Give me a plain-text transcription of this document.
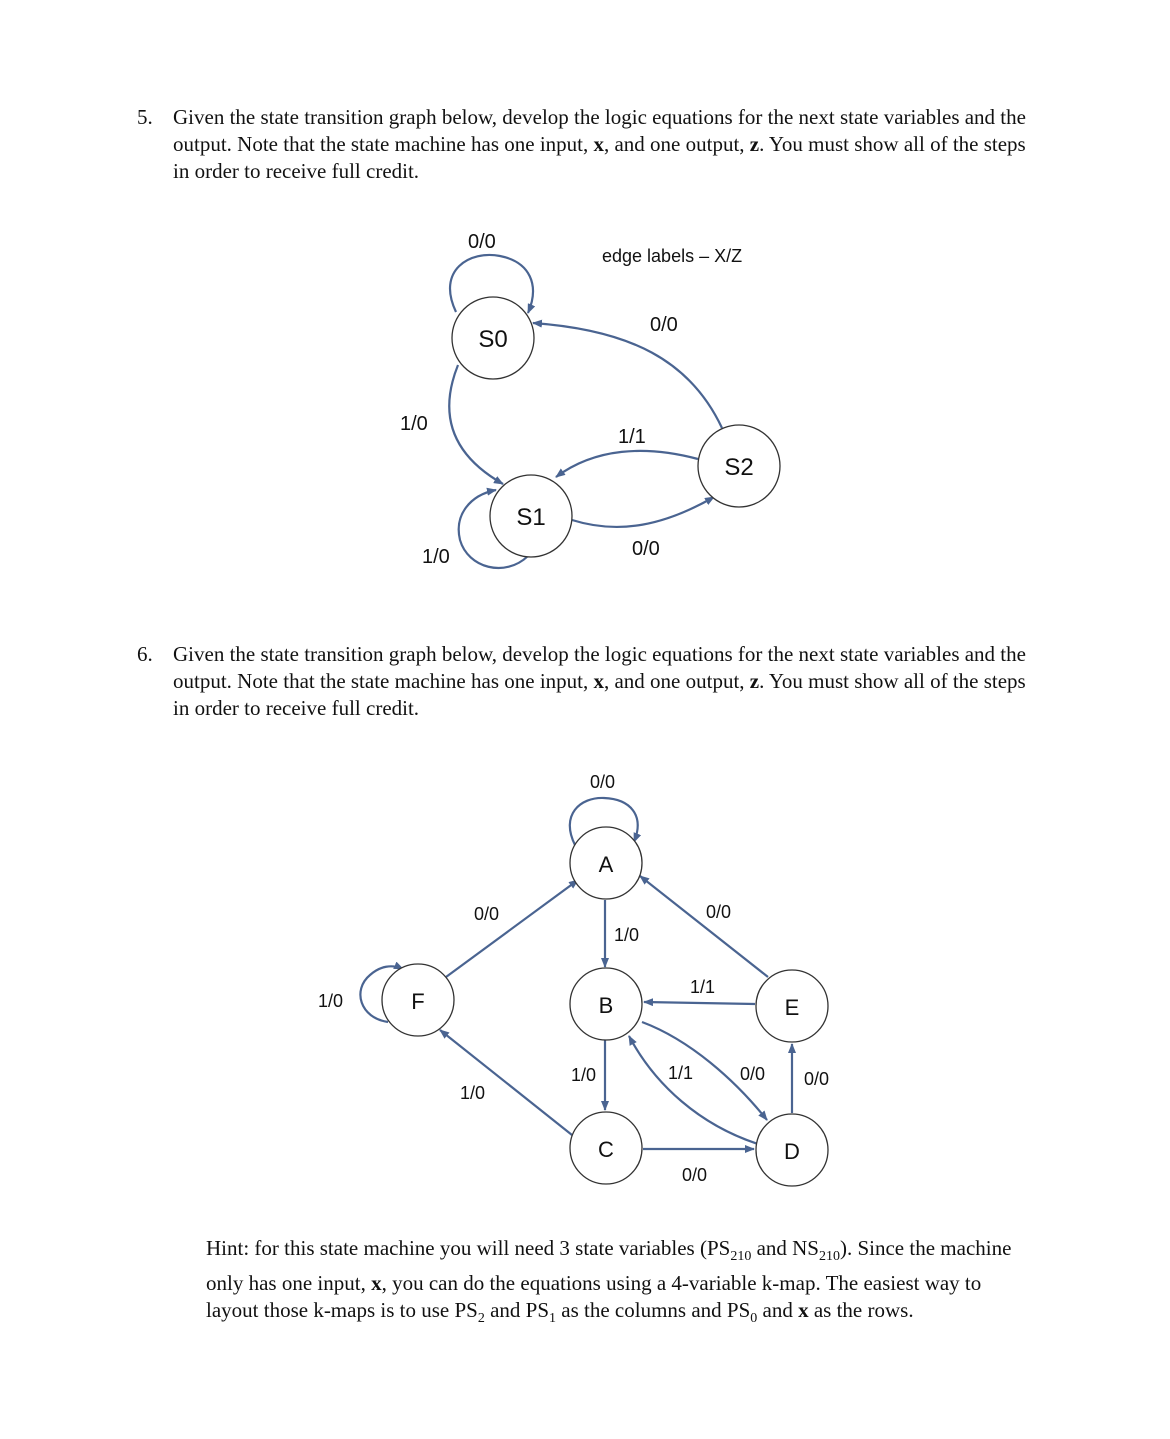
5. Given the state transition graph below, develop the logic equations for the next state variables and the output. Note that the state machine has one input, x, and one output, z. You must show all of the steps in order to receive full credit.
6. Given the state transition graph below, develop the logic equations for the next state variables and the output. Note that the state machine has one input, x, and one output, z. You must show all of the steps in order to receive full credit.
Hint: for this state machine you will need 3 state variables ($PS_{210}$ and $NS_{210}$). Since the machine only has one input, x, you can do the equations using a 4-variable k-map. The easiest way to layout those k-maps is to use $PS_2$ and $PS_1$ as the columns and $PS_0$ and x as the rows.
edge labels – X/Z
0/0
1/0
1/0	0/0
1/1
0/0
S0
S1
S2
0/0
1/0
0/0	0/0
1/0
1/0
1/1
1/0	1/1	0/0 0/0
0/0
A
B
C	D
E
F
